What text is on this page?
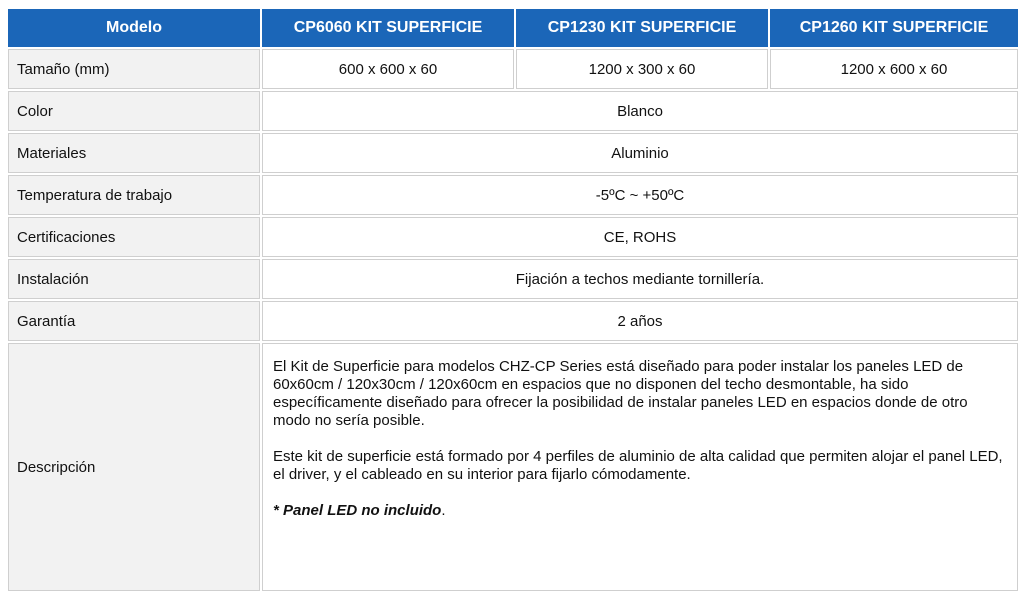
Modelo	CP6060 KIT SUPERFICIE	CP1230 KIT SUPERFICIE	CP1260 KIT SUPERFICIE
Tamaño (mm)	600 x 600 x 60	1200 x 300 x 60	1200 x 600 x 60
Color	Blanco		
Materiales	Aluminio		
Temperatura de trabajo	-5ºC ~ +50ºC		
Certificaciones	CE, ROHS		
Instalación	Fijación a techos mediante tornillería.		
Garantía	2 años		
Descripción	El Kit de Superficie para modelos CHZ-CP Series está diseñado para poder instalar los paneles LED de 60x60cm / 120x30cm / 120x60cm en espacios que no disponen del techo desmontable, ha sido específicamente diseñado para ofrecer la posibilidad de instalar paneles LED en espacios donde de otro modo no sería posible.

Este kit de superficie está formado por 4 perfiles de aluminio de alta calidad que permiten alojar el panel LED, el driver, y el cableado en su interior para fijarlo cómodamente.

* Panel LED no incluido.		
